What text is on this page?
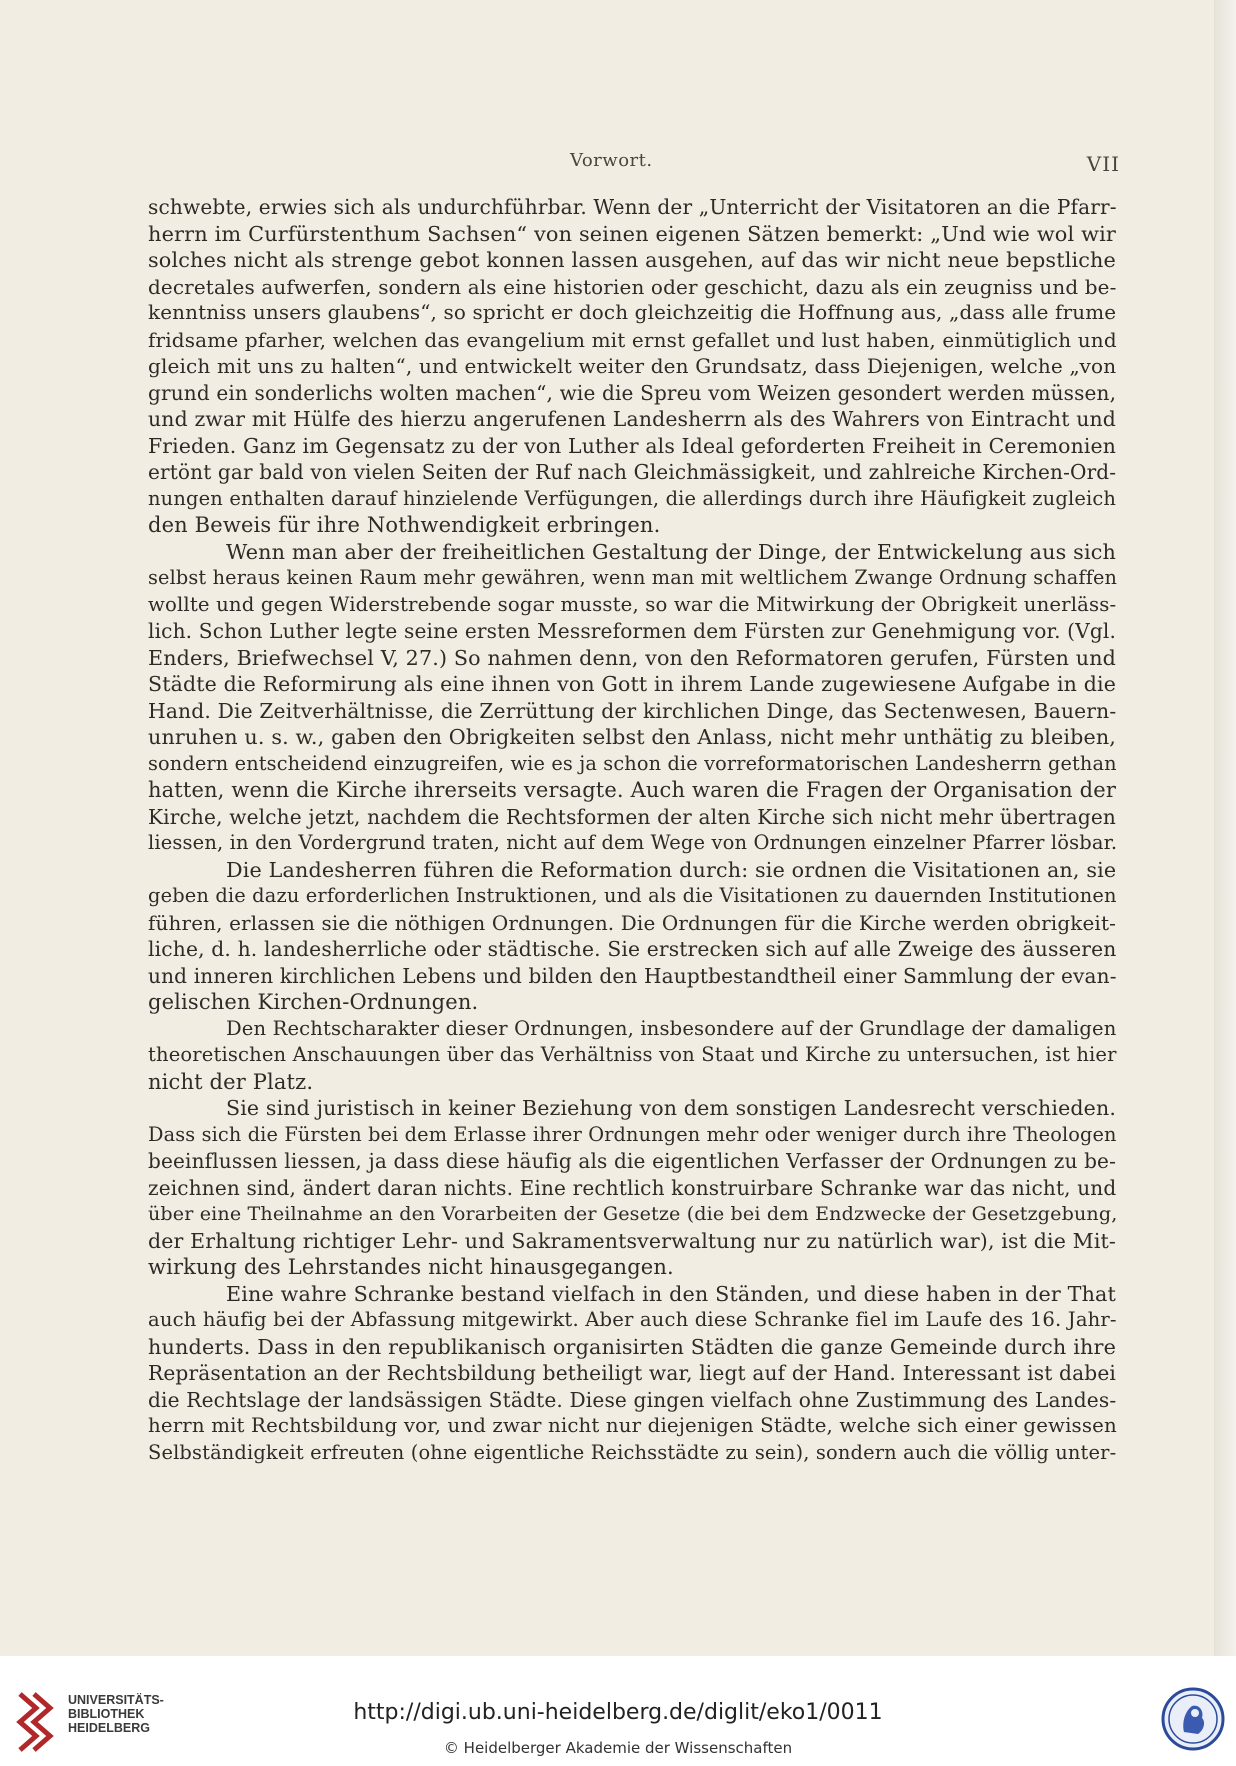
Vorwort.	VII
schwebte, erwies sich als undurchführbar. Wenn der „Unterricht der Visitatoren an die Pfarr-
herrn im Curfürstenthum Sachsen“ von seinen eigenen Sätzen bemerkt: „Und wie wol wir
solches nicht als strenge gebot konnen lassen ausgehen, auf das wir nicht neue bepstliche
decretales aufwerfen, sondern als eine historien oder geschicht, dazu als ein zeugniss und be-
kenntniss unsers glaubens“, so spricht er doch gleichzeitig die Hoffnung aus, „dass alle frume
fridsame pfarher, welchen das evangelium mit ernst gefallet und lust haben, einmütiglich und
gleich mit uns zu halten“, und entwickelt weiter den Grundsatz, dass Diejenigen, welche „von
grund ein sonderlichs wolten machen“, wie die Spreu vom Weizen gesondert werden müssen,
und zwar mit Hülfe des hierzu angerufenen Landesherrn als des Wahrers von Eintracht und
Frieden. Ganz im Gegensatz zu der von Luther als Ideal geforderten Freiheit in Ceremonien
ertönt gar bald von vielen Seiten der Ruf nach Gleichmässigkeit, und zahlreiche Kirchen-Ord-
nungen enthalten darauf hinzielende Verfügungen, die allerdings durch ihre Häufigkeit zugleich
den Beweis für ihre Nothwendigkeit erbringen.
Wenn man aber der freiheitlichen Gestaltung der Dinge, der Entwickelung aus sich
selbst heraus keinen Raum mehr gewähren, wenn man mit weltlichem Zwange Ordnung schaffen
wollte und gegen Widerstrebende sogar musste, so war die Mitwirkung der Obrigkeit unerläss-
lich. Schon Luther legte seine ersten Messreformen dem Fürsten zur Genehmigung vor. (Vgl.
Enders, Briefwechsel V, 27.) So nahmen denn, von den Reformatoren gerufen, Fürsten und
Städte die Reformirung als eine ihnen von Gott in ihrem Lande zugewiesene Aufgabe in die
Hand. Die Zeitverhältnisse, die Zerrüttung der kirchlichen Dinge, das Sectenwesen, Bauern-
unruhen u. s. w., gaben den Obrigkeiten selbst den Anlass, nicht mehr unthätig zu bleiben,
sondern entscheidend einzugreifen, wie es ja schon die vorreformatorischen Landesherrn gethan
hatten, wenn die Kirche ihrerseits versagte. Auch waren die Fragen der Organisation der
Kirche, welche jetzt, nachdem die Rechtsformen der alten Kirche sich nicht mehr übertragen
liessen, in den Vordergrund traten, nicht auf dem Wege von Ordnungen einzelner Pfarrer lösbar.
Die Landesherren führen die Reformation durch: sie ordnen die Visitationen an, sie
geben die dazu erforderlichen Instruktionen, und als die Visitationen zu dauernden Institutionen
führen, erlassen sie die nöthigen Ordnungen. Die Ordnungen für die Kirche werden obrigkeit-
liche, d. h. landesherrliche oder städtische. Sie erstrecken sich auf alle Zweige des äusseren
und inneren kirchlichen Lebens und bilden den Hauptbestandtheil einer Sammlung der evan-
gelischen Kirchen-Ordnungen.
Den Rechtscharakter dieser Ordnungen, insbesondere auf der Grundlage der damaligen
theoretischen Anschauungen über das Verhältniss von Staat und Kirche zu untersuchen, ist hier
nicht der Platz.
Sie sind juristisch in keiner Beziehung von dem sonstigen Landesrecht verschieden.
Dass sich die Fürsten bei dem Erlasse ihrer Ordnungen mehr oder weniger durch ihre Theologen
beeinflussen liessen, ja dass diese häufig als die eigentlichen Verfasser der Ordnungen zu be-
zeichnen sind, ändert daran nichts. Eine rechtlich konstruirbare Schranke war das nicht, und
über eine Theilnahme an den Vorarbeiten der Gesetze (die bei dem Endzwecke der Gesetzgebung,
der Erhaltung richtiger Lehr- und Sakramentsverwaltung nur zu natürlich war), ist die Mit-
wirkung des Lehrstandes nicht hinausgegangen.
Eine wahre Schranke bestand vielfach in den Ständen, und diese haben in der That
auch häufig bei der Abfassung mitgewirkt. Aber auch diese Schranke fiel im Laufe des 16. Jahr-
hunderts. Dass in den republikanisch organisirten Städten die ganze Gemeinde durch ihre
Repräsentation an der Rechtsbildung betheiligt war, liegt auf der Hand. Interessant ist dabei
die Rechtslage der landsässigen Städte. Diese gingen vielfach ohne Zustimmung des Landes-
herrn mit Rechtsbildung vor, und zwar nicht nur diejenigen Städte, welche sich einer gewissen
Selbständigkeit erfreuten (ohne eigentliche Reichsstädte zu sein), sondern auch die völlig unter-
UNIVERSITÄTS-
BIBLIOTHEK
HEIDELBERG
http://digi.ub.uni-heidelberg.de/diglit/eko1/0011
© Heidelberger Akademie der Wissenschaften
